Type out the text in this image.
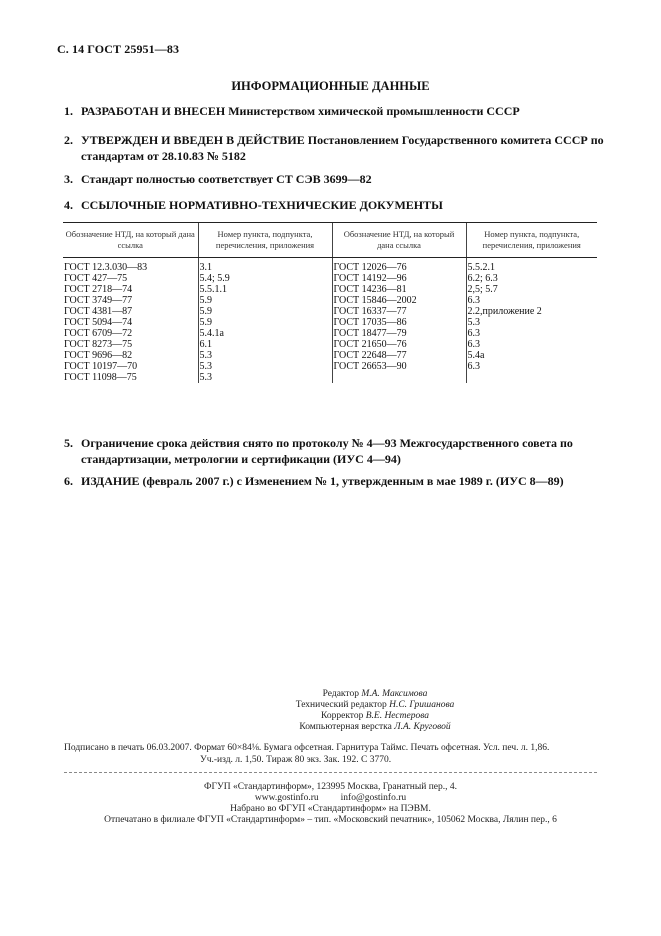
С. 14 ГОСТ 25951—83
ИНФОРМАЦИОННЫЕ ДАННЫЕ
1. РАЗРАБОТАН И ВНЕСЕН Министерством химической промышленности СССР
2. УТВЕРЖДЕН И ВВЕДЕН В ДЕЙСТВИЕ Постановлением Государственного комитета СССР по стандартам от 28.10.83 № 5182
3. Стандарт полностью соответствует СТ СЭВ 3699—82
4. ССЫЛОЧНЫЕ НОРМАТИВНО-ТЕХНИЧЕСКИЕ ДОКУМЕНТЫ
Обозначение НТД, на который дана ссылка	Номер пункта, подпункта, перечисления, приложения	Обозначение НТД, на который дана ссылка	Номер пункта, подпункта, перечисления, приложения
ГОСТ 12.3.030—83	3.1	ГОСТ 12026—76	5.5.2.1
ГОСТ 427—75	5.4; 5.9	ГОСТ 14192—96	6.2; 6.3
ГОСТ 2718—74	5.5.1.1	ГОСТ 14236—81	2,5; 5.7
ГОСТ 3749—77	5.9	ГОСТ 15846—2002	6.3
ГОСТ 4381—87	5.9	ГОСТ 16337—77	2.2,приложение 2
ГОСТ 5094—74	5.9	ГОСТ 17035—86	5.3
ГОСТ 6709—72	5.4.1а	ГОСТ 18477—79	6.3
ГОСТ 8273—75	6.1	ГОСТ 21650—76	6.3
ГОСТ 9696—82	5.3	ГОСТ 22648—77	5.4а
ГОСТ 10197—70	5.3	ГОСТ 26653—90	6.3
ГОСТ 11098—75	5.3		
5. Ограничение срока действия снято по протоколу № 4—93 Межгосударственного совета по стандартизации, метрологии и сертификации (ИУС 4—94)
6. ИЗДАНИЕ (февраль 2007 г.) с Изменением № 1, утвержденным в мае 1989 г. (ИУС 8—89)
Редактор М.А. Максимова
Технический редактор Н.С. Гришанова
Корректор В.Е. Нестерова
Компьютерная верстка Л.А. Круговой
Подписано в печать 06.03.2007. Формат 60×84⅛. Бумага офсетная. Гарнитура Таймс. Печать офсетная. Усл. печ. л. 1,86.
Уч.-изд. л. 1,50. Тираж 80 экз. Зак. 192. С 3770.
ФГУП «Стандартинформ», 123995 Москва, Гранатный пер., 4.
www.gostinfo.ru info@gostinfo.ru
Набрано во ФГУП «Стандартинформ» на ПЭВМ.
Отпечатано в филиале ФГУП «Стандартинформ» – тип. «Московский печатник», 105062 Москва, Лялин пер., 6
